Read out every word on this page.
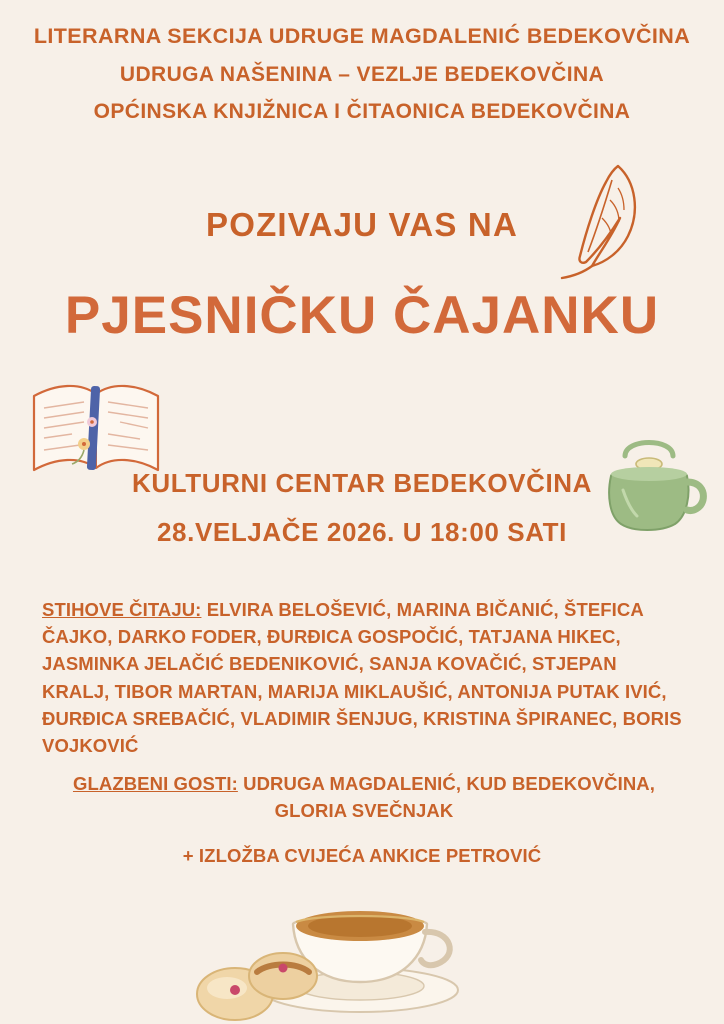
LITERARNA SEKCIJA UDRUGE MAGDALENIĆ BEDEKOVČINA
UDRUGA NAŠENINA – VEZLJE BEDEKOVČINA
OPĆINSKA KNJIŽNICA I ČITAONICA BEDEKOVČINA
POZIVAJU VAS NA
PJESNIČKU ČAJANKU
KULTURNI CENTAR BEDEKOVČINA
28.VELJAČE 2026. U 18:00 SATI
STIHOVE ČITAJU: ELVIRA BELOŠEVIĆ, MARINA BIČANIĆ, ŠTEFICA ČAJKO, DARKO FODER, ĐURĐICA GOSPOČIĆ, TATJANA HIKEC, JASMINKA JELAČIĆ BEDENIKOVIĆ, SANJA KOVAČIĆ, STJEPAN KRALJ, TIBOR MARTAN, MARIJA MIKLAUŠIĆ, ANTONIJA PUTAK IVIĆ, ĐURĐICA SREBAČIĆ, VLADIMIR ŠENJUG, KRISTINA ŠPIRANEC, BORIS VOJKOVIĆ
GLAZBENI GOSTI: UDRUGA MAGDALENIĆ, KUD BEDEKOVČINA, GLORIA SVEČNJAK
+ IZLOŽBA CVIJEĆA ANKICE PETROVIĆ
